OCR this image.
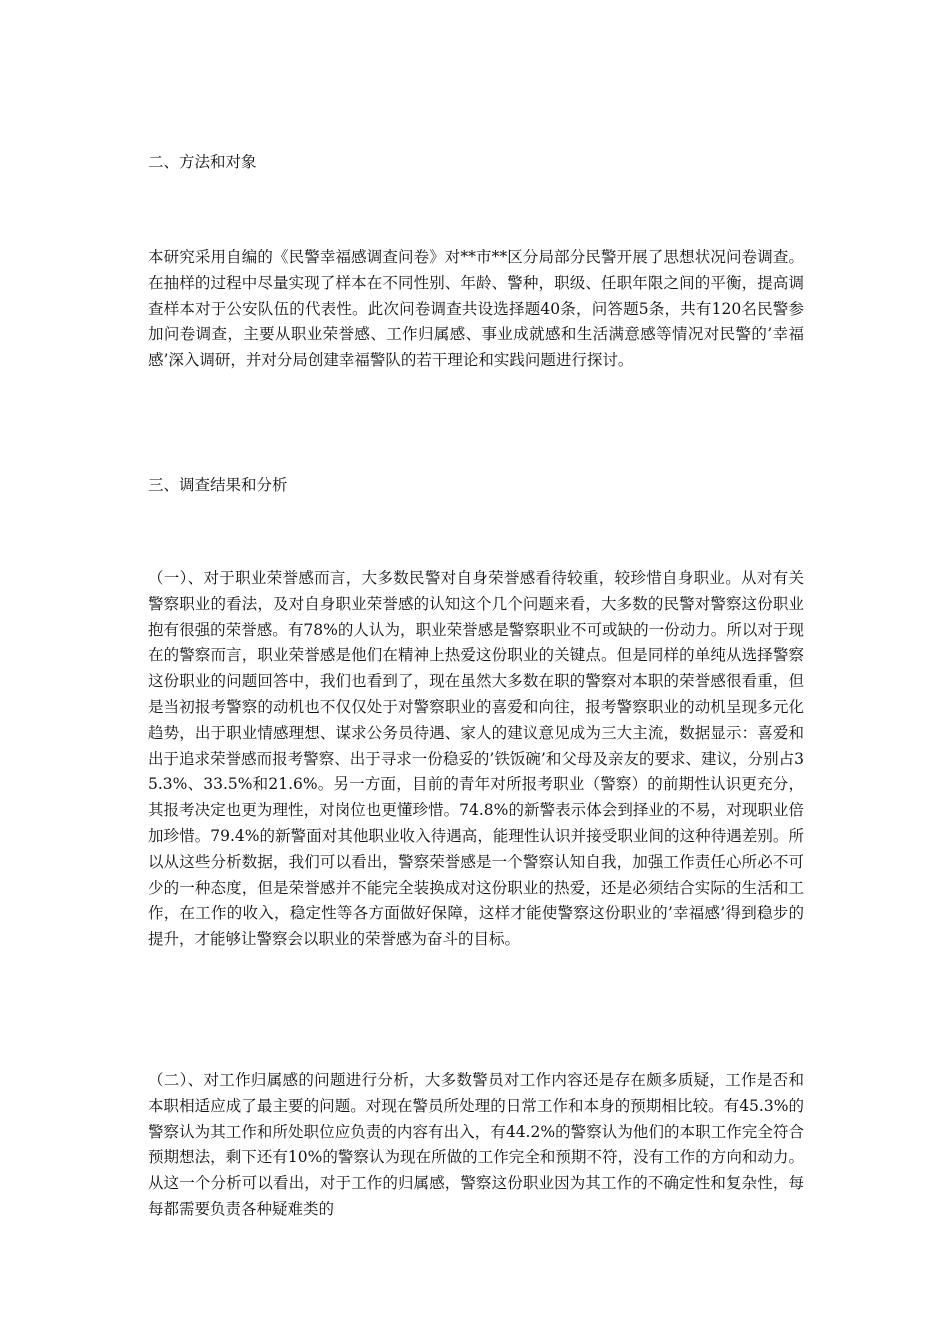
二、方法和对象
本研究采用自编的《民警幸福感调查问卷》对**市**区分局部分民警开展了思想状况问卷调查。在抽样的过程中尽量实现了样本在不同性别、年龄、警种，职级、任职年限之间的平衡，提高调查样本对于公安队伍的代表性。此次问卷调查共设选择题40条，问答题5条，共有120名民警参加问卷调查，主要从职业荣誉感、工作归属感、事业成就感和生活满意感等情况对民警的’幸福感’深入调研，并对分局创建幸福警队的若干理论和实践问题进行探讨。
三、调查结果和分析
（一）、对于职业荣誉感而言，大多数民警对自身荣誉感看待较重，较珍惜自身职业。从对有关警察职业的看法，及对自身职业荣誉感的认知这个几个问题来看，大多数的民警对警察这份职业抱有很强的荣誉感。有78%的人认为，职业荣誉感是警察职业不可或缺的一份动力。所以对于现在的警察而言，职业荣誉感是他们在精神上热爱这份职业的关键点。但是同样的单纯从选择警察这份职业的问题回答中，我们也看到了，现在虽然大多数在职的警察对本职的荣誉感很看重，但是当初报考警察的动机也不仅仅处于对警察职业的喜爱和向往，报考警察职业的动机呈现多元化趋势，出于职业情感理想、谋求公务员待遇、家人的建议意见成为三大主流，数据显示：喜爱和出于追求荣誉感而报考警察、出于寻求一份稳妥的’铁饭碗’和父母及亲友的要求、建议，分别占35.3%、33.5%和21.6%。另一方面，目前的青年对所报考职业（警察）的前期性认识更充分，其报考决定也更为理性，对岗位也更懂珍惜。74.8%的新警表示体会到择业的不易，对现职业倍加珍惜。79.4%的新警面对其他职业收入待遇高，能理性认识并接受职业间的这种待遇差别。所以从这些分析数据，我们可以看出，警察荣誉感是一个警察认知自我，加强工作责任心所必不可少的一种态度，但是荣誉感并不能完全装换成对这份职业的热爱，还是必须结合实际的生活和工作，在工作的收入，稳定性等各方面做好保障，这样才能使警察这份职业的’幸福感’得到稳步的提升，才能够让警察会以职业的荣誉感为奋斗的目标。
（二）、对工作归属感的问题进行分析，大多数警员对工作内容还是存在颇多质疑，工作是否和本职相适应成了最主要的问题。对现在警员所处理的日常工作和本身的预期相比较。有45.3%的警察认为其工作和所处职位应负责的内容有出入，有44.2%的警察认为他们的本职工作完全符合预期想法，剩下还有10%的警察认为现在所做的工作完全和预期不符，没有工作的方向和动力。从这一个分析可以看出，对于工作的归属感，警察这份职业因为其工作的不确定性和复杂性，每每都需要负责各种疑难类的
